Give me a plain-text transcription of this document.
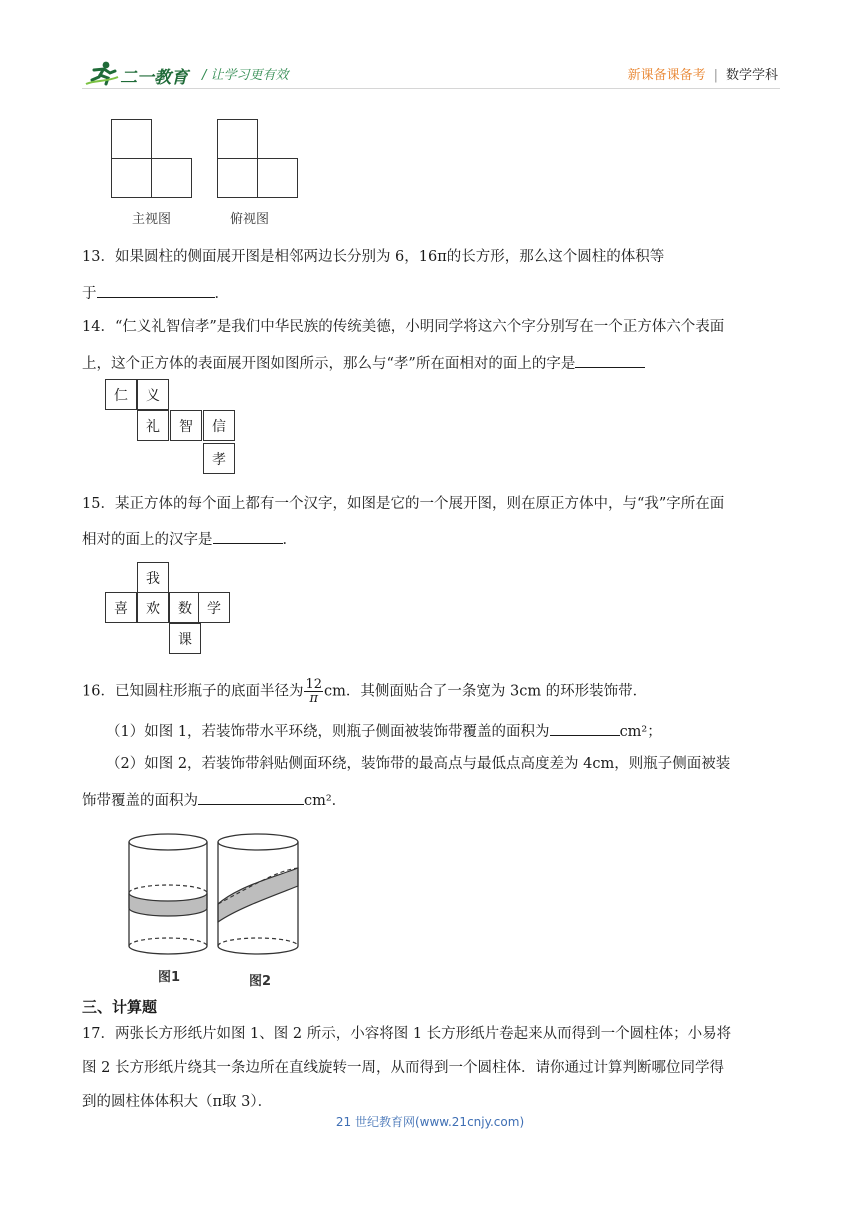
二一教育 / 让学习更有效	新课备课备考 | 数学学科
主视图	俯视图
13．如果圆柱的侧面展开图是相邻两边长分别为 6，16π的长方形，那么这个圆柱的体积等
于	．
14．“仁义礼智信孝”是我们中华民族的传统美德，小明同学将这六个字分别写在一个正方体六个表面
上，这个正方体的表面展开图如图所示，那么与“孝”所在面相对的面上的字是
仁	义
礼	智	信
孝
15．某正方体的每个面上都有一个汉字，如图是它的一个展开图，则在原正方体中，与“我”字所在面
相对的面上的汉字是	．
我
喜	欢	数	学
课
16．已知圆柱形瓶子的底面半径为 $\frac{12}{\pi}$ cm．其侧面贴合了一条宽为 3cm 的环形装饰带．
（1）如图 1，若装饰带水平环绕，则瓶子侧面被装饰带覆盖的面积为	cm²；
（2）如图 2，若装饰带斜贴侧面环绕，装饰带的最高点与最低点高度差为 4cm，则瓶子侧面被装
饰带覆盖的面积为	cm²．
图1	图2
三、计算题
17．两张长方形纸片如图 1、图 2 所示，小容将图 1 长方形纸片卷起来从而得到一个圆柱体；小易将
图 2 长方形纸片绕其一条边所在直线旋转一周，从而得到一个圆柱体．请你通过计算判断哪位同学得
到的圆柱体体积大（π取 3）．
21 世纪教育网(www.21cnjy.com)
